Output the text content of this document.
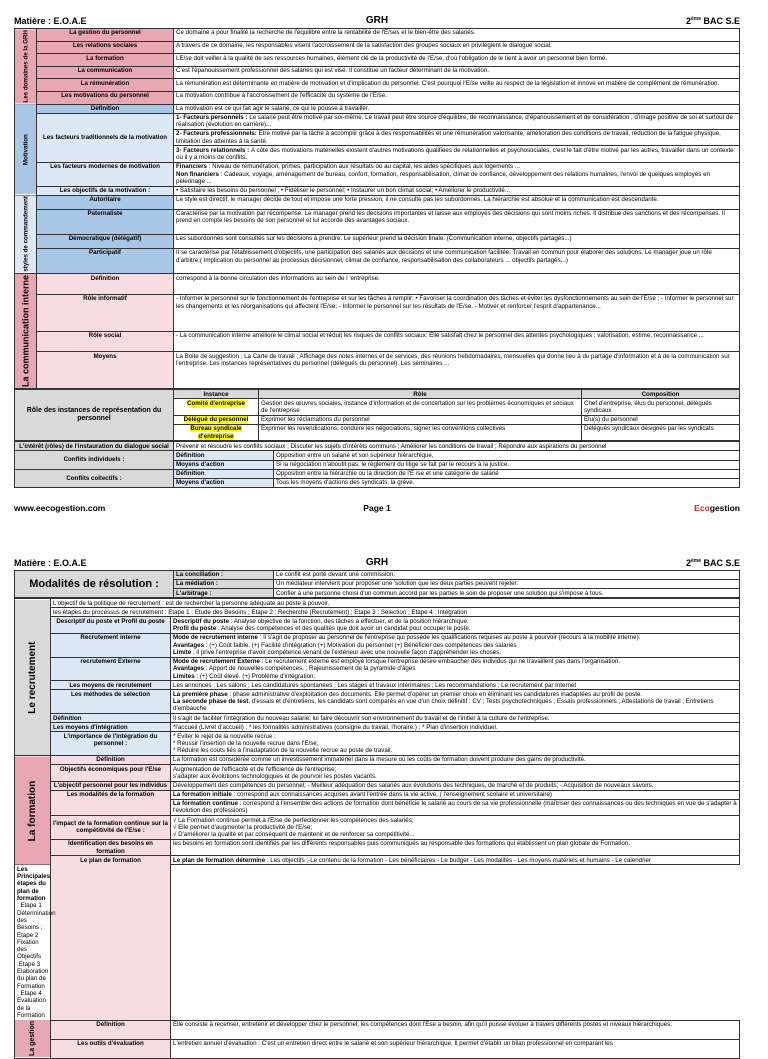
Matière : E.O.A.E	GRH	2ème BAC S.E
Les domaines de la GRH	La gestion du personnel	Ce domaine a pour finalité la recherche de l'équilibre entre la rentabilité de l'E/ses et le bien-être des salariés.
	Les relations sociales	A travers de ce domaine, les responsables visent l'accroissement de la satisfaction des groupes sociaux en privilégient le dialogue social.
	La formation	LE/se doit veiller à la qualité de ses ressources humaines, élément clé de la productivité de l'E/se, d'où l'obligation de le tient à avoir un personnel bien formé.
	La communication	C'est l'épanouissement professionnel des salariés qui est visé. Il constitue un facteur déterminant de la motivation.
	La rémunération	La rémunération est déterminante en matière de motivation et d'implication du personnel. C'est pourquoi l'E/se veille au respect de la législation et innove en matière de complément de rémunération.
	Les motivations du personnel	La motivation contribue à l'accroissement de l'efficacité du système de l'E/se.
Motivation	Définition	La motivation est ce qui fait agir le salarié, ce qui le pousse à travailler.
	Les facteurs traditionnels de la motivation	1- Facteurs personnels : Le salarié peut être motivé par soi-même. Le travail peut être source d'équilibre, de reconnaissance, d'épanouissement et de considération , d'image positive de soi et surtout de réalisation (évolution en carrière)...

		2- Facteurs professionnels: Etre motivé par la tâche à accomplir grâce à des responsabilités et une rémunération valorisante, amélioration des conditions de travail, réduction de la fatigue physique, limitation des atteintes à la santé.

		3- Facteurs relationnels : A côte des motivations matérielles existent d'autres motivations qualifiées de relationnelles et psychosociales, c'est le fait d'être motivé par les autres, travailler dans un contexte où il y a moins de conflits.

	Les facteurs modernes de motivation	Financiers : Niveau de rémunération, primes, participation aux résultats ou au capital, les aides spécifiques aux logements ...
Non financiers : Cadeaux, voyage, aménagement de bureau, confort, formation, responsabilisation, climat de confiance, développement des relations humaines, l'envoi de quelques employés en pèlerinage ...

	Les objectifs de la motivation :	• Satisfaire les besoins du personnel ; • Fidéliser le personnel; • Instaurer un bon climat social; • Améliorer le productivité...
styles de commandement	Autoritaire	Le style est directif, le manager décide de tout et impose une forte pression, il ne consulte pas les subordonnés. La hiérarchie est absolue et la communication est descendante.
	Paternaliste	Caractérise par la motivation par récompense. Le manager prend les décisions importantes et laisse aux employés des décisions qui sont moins riches. Il distribue des sanctions et des récompenses. Il prend en compte les besoins de son personnel et lui accorde des avantages sociaux.
	Démocratique (délégatif)	Les subordonnés sont consultés sur les décisions à prendre. Le supérieur prend la décision finale. (Communication interne, objectifs partagés...)
	Participatif	Il se caractérise par l'établissement d'objectifs, une participation des salariés aux décisions et une communication facilitée. Travail en commun pour élaborer des solutions. Le manager joue un rôle d'arbitre.( Implication du personnel au processus décisionnel, climat de confiance, responsabilisation des collaborateurs ... objectifs partagés...)
La communication interne	Définition	correspond à la bonne circulation des informations au sein de l 'entreprise.
	Rôle informatif	- Informer le personnel sur le fonctionnement de l'entreprise et sur les tâches à remplir; • Favoriser la coordination des tâches et éviter les dysfonctionnements au sein de l'E/se ; - Informer le personnel sur les changements et les réorganisations qui affectent l'E/se; - Informer le personnel sur les résultats de l'E/se. - Motiver et renforcer l'esprit d'appartenance...
	Rôle social	- La communication interne améliore le climat social et réduit les risques de conflits sociaux; Elle satisfait chez le personnel des attentes psychologiques : valorisation, estime, reconnaissance ...
	Moyens	La Boite de suggestion ; La Carte de travail ; Affichage des notes internes et de services, des réunions hebdomadaires, mensuelles qui donne lieu à du partage d'information et à de la communication sur l'entreprise. Les instances représentatives du personnel (délégués du personnel). Les séminaires ...
Rôle des instances de représentation du personnel	Instance	Rôle	Composition
	Comité d'entreprise	Gestion des œuvres sociales, instance d'information et de concertation sur les problèmes économiques et sociaux de l'entreprise	Chef d'entreprise, élus du personnel, délégués syndicaux
	Délégué du personnel	Exprimer les réclamations du personnel	Elu(s) du personnel
	Bureau syndicale d'entreprise	Exprimer les revendications, conduire les négociations, signer les conventions collectives	Délégués syndicaux désignés par les syndicats
L'intérêt (rôles) de l'instauration du dialogue social	Prévenir et résoudre les conflits sociaux ; Discuter les sujets d'intérêts communs ; Améliorer les conditions de travail ; Répondre aux aspirations du personnel	
Conflits individuels :	Définition	Opposition entre un salarié et son supérieur hiérarchique,
	Moyens d'action	Si la négociation n'aboutit pas, le règlement du litige se fait par le recours à la justice.
Conflits collectifs :	Définition	Opposition entre la hiérarchie ou la direction de l'E /se et une catégorie de salarié
	Moyens d'action	Tous les moyens d'actions des syndicats, la grève.
www.eecogestion.com	Page 1	Ecogestion
Matière : E.O.A.E	GRH	2ème BAC S.E
Modalités de résolution :	La conciliation :	Le conflit est porté devant une commission.
	La médiation :	Un médiateur intervient pour proposer une 'solution que les deux parties peuvent rejeter.
	L'arbitrage :	Confier à une personne choisi d'un commun accord par les parties le soin de proposer une solution qui s'impose à tous.
Le recrutement	L'objectif de la politique de recrutement : est de rechercher la personne adéquate au poste à pouvoir.	
	les étapes du processus de recrutement : Etape 1 : Etude des Besoins ; Etape 2 : Recherche (Recrutement) ; Etape 3 : Sélection ; Etape 4 : Intégration	
	Descriptif du poste et Profil du poste	Descriptif du poste : Analyse objective de la fonction, des tâches à effectuer, et de la position hiérarchique.
Profil du poste : Analyse des compétences et des qualités que doit avoir un candidat pour occuper le poste.

	Recrutement interne	Mode de recrutement interne : Il s'agit de proposer au personnel de l'entreprise qui possède les qualifications requises au poste à pourvoir (recours à la mobilité interne).
Avantages : (+) Coût faible. (+) Facilité d'intégration (+) Motivation du personnel (+) Bénéficier des compétences des salariés
Limite : il prive l'entreprise d'avoir compétence venant de l'extérieur avec une nouvelle façon d'appréhender les choses.

	recrutement Externe	Mode de recrutement Externe : Le recrutement externe est employé lorsque l'entreprise désire embaucher des individus qui ne travaillent pas dans l'organisation.
Avantages : Apport de nouvelles compétences. ; Rajeunissement de la pyramide d'âges
Limites : (+) Coût élevé. (+) Problème d'intégration.

	Les moyens de recrutement	Les annonces ; Les salons ; Les candidatures spontanées ; Les stages et travaux intérimaires ; Les recommandations ; Le recrutement par Internet
	Les méthodes de sélection	La première phase : phase administrative d'exploitation des documents. Elle permet d'opérer un premier choix en éliminant les candidatures inadaptées au profil de poste.
La seconde phase de test, d'essais et d'entretiens, les candidats sont comparés en vue d'un choix définitif : CV ; Tests psychotechniques ; Essais professionnels ; Attestations de travail ; Entretiens d'embauche

	Définition	Il s'agit de faciliter l'intégration du nouveau salarié, lui faire découvrir son environnement du travail et de l'initier à la culture de l'entreprise.
	Les moyens d'intégration	*l'accueil (Livret d'accueil) ; * les formalités administratives (consigne du travail, l'horaire.) ; * Plan d'insertion individuel.
	L'importance de l'intégration du personnel :	* Eviter le rejet de la nouvelle recrue ;
* Réussir l'insertion de la nouvelle recrue dans l'E/se;
* Réduire les couts liés à l'inadaptation de la nouvelle recrue au poste de travail.

La formation	Définition	La formation est considérée comme un investissement immatériel dans la mesure où les coûts de formation doivent produire des gains de productivité.
	Objectifs économiques pour l'E/se	Augmentation de l'efficacité et de l'efficience de l'entreprise;
s'adapter aux évolutions technologiques et de pourvoir les postes vacants.

	L'objectif personnel pour les individus	Développement des compétences du personnel; - Meilleur adéquation des salariés aux évolutions des techniques, de marché et de produits; - Acquisition de nouveaux savoirs.
	Les modalités de la formation	La formation initiale : correspond aux connaissances acquises avant l'entrée dans la vie active. ( l'enseignement scolaire et universitaire)

		La formation continue : correspond à l'ensemble des actions de formation dont bénéficie le salarié au cours de sa vie professionnelle (maîtriser des connaissances ou des techniques en vue de s'adapter à l'évolution des professions)

	l'impact de la formation continue sur la compétitivité de l'E/se :	√ La Formation continue permet à l'E/se de perfectionner les compétences des salariés;
√ Elle permet d'augmenter la productivité de l'E/se;
√ D'améliorer la qualité et par conséquent de maintenir et de renforcer sa compétitivité...

	Identification des besoins en formation	les besoins en formation sont identifiés par les différents responsables puis communiqués au responsable des formations qui établissent un plan globale de Formation.
	Le plan de formation	Le plan de formation détermine : Les objectifs ;-Le contenu de la formation - Les bénéficiaires - Le budget - Les modalités - Les moyens matériels et humains - Le calendrier

Les Principales étapes du plan de formation : Etape 1 Détermination des Besoins ; Etape 2 Fixation des Objectifs ;Etape 3 Elaboration du plan de Formation ; Etape 4 Evaluation de la Formation		

La gestion	Définition	Elle consiste à recenser, entretenir et développer chez le personnel, les compétences dont l'Ese a besoin, afin qu'il puisse évoluer à travers différents postes et niveaux hiérarchiques.
	Les outils d'évaluation	L'entretien annuel d'évaluation : C'est un entretien direct entre le salarié et son supérieur hiérarchique. Il permet d'établir un bilan professionnel en comparant les
